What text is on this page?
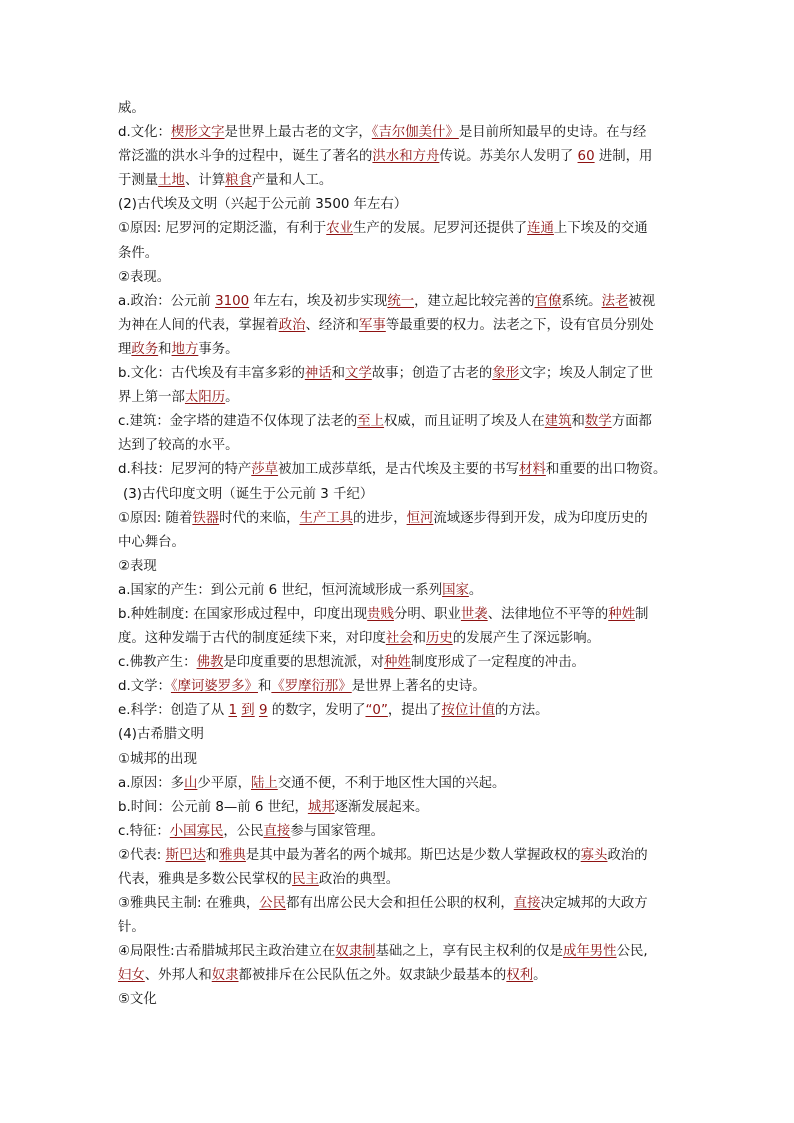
威。
d.文化：楔形文字是世界上最古老的文字，《吉尔伽美什》是目前所知最早的史诗。在与经
常泛滥的洪水斗争的过程中，诞生了著名的洪水和方舟传说。苏美尔人发明了 60 进制，用
于测量土地、计算粮食产量和人工。
(2)古代埃及文明（兴起于公元前 3500 年左右）
①原因: 尼罗河的定期泛滥，有利于农业生产的发展。尼罗河还提供了连通上下埃及的交通
条件。
②表现。
a.政治：公元前 3100 年左右，埃及初步实现统一，建立起比较完善的官僚系统。法老被视
为神在人间的代表，掌握着政治、经济和军事等最重要的权力。法老之下，设有官员分别处
理政务和地方事务。
b.文化：古代埃及有丰富多彩的神话和文学故事；创造了古老的象形文字；埃及人制定了世
界上第一部太阳历。
c.建筑：金字塔的建造不仅体现了法老的至上权威，而且证明了埃及人在建筑和数学方面都
达到了较高的水平。
d.科技：尼罗河的特产莎草被加工成莎草纸，是古代埃及主要的书写材料和重要的出口物资。
(3)古代印度文明（诞生于公元前 3 千纪）
①原因: 随着铁器时代的来临，生产工具的进步，恒河流域逐步得到开发，成为印度历史的
中心舞台。
②表现
a.国家的产生：到公元前 6 世纪，恒河流域形成一系列国家。
b.种姓制度: 在国家形成过程中，印度出现贵贱分明、职业世袭、法律地位不平等的种姓制
度。这种发端于古代的制度延续下来，对印度社会和历史的发展产生了深远影响。
c.佛教产生：佛教是印度重要的思想流派，对种姓制度形成了一定程度的冲击。
d.文学：《摩诃婆罗多》和《罗摩衍那》是世界上著名的史诗。
e.科学：创造了从 1 到 9 的数字，发明了“0”，提出了按位计值的方法。
(4)古希腊文明
①城邦的出现
a.原因：多山少平原，陆上交通不便，不利于地区性大国的兴起。
b.时间：公元前 8—前 6 世纪，城邦逐渐发展起来。
c.特征：小国寡民，公民直接参与国家管理。
②代表: 斯巴达和雅典是其中最为著名的两个城邦。斯巴达是少数人掌握政权的寡头政治的
代表，雅典是多数公民掌权的民主政治的典型。
③雅典民主制: 在雅典，公民都有出席公民大会和担任公职的权利，直接决定城邦的大政方
针。
④局限性:古希腊城邦民主政治建立在奴隶制基础之上，享有民主权利的仅是成年男性公民,
妇女、外邦人和奴隶都被排斥在公民队伍之外。奴隶缺少最基本的权利。
⑤文化
